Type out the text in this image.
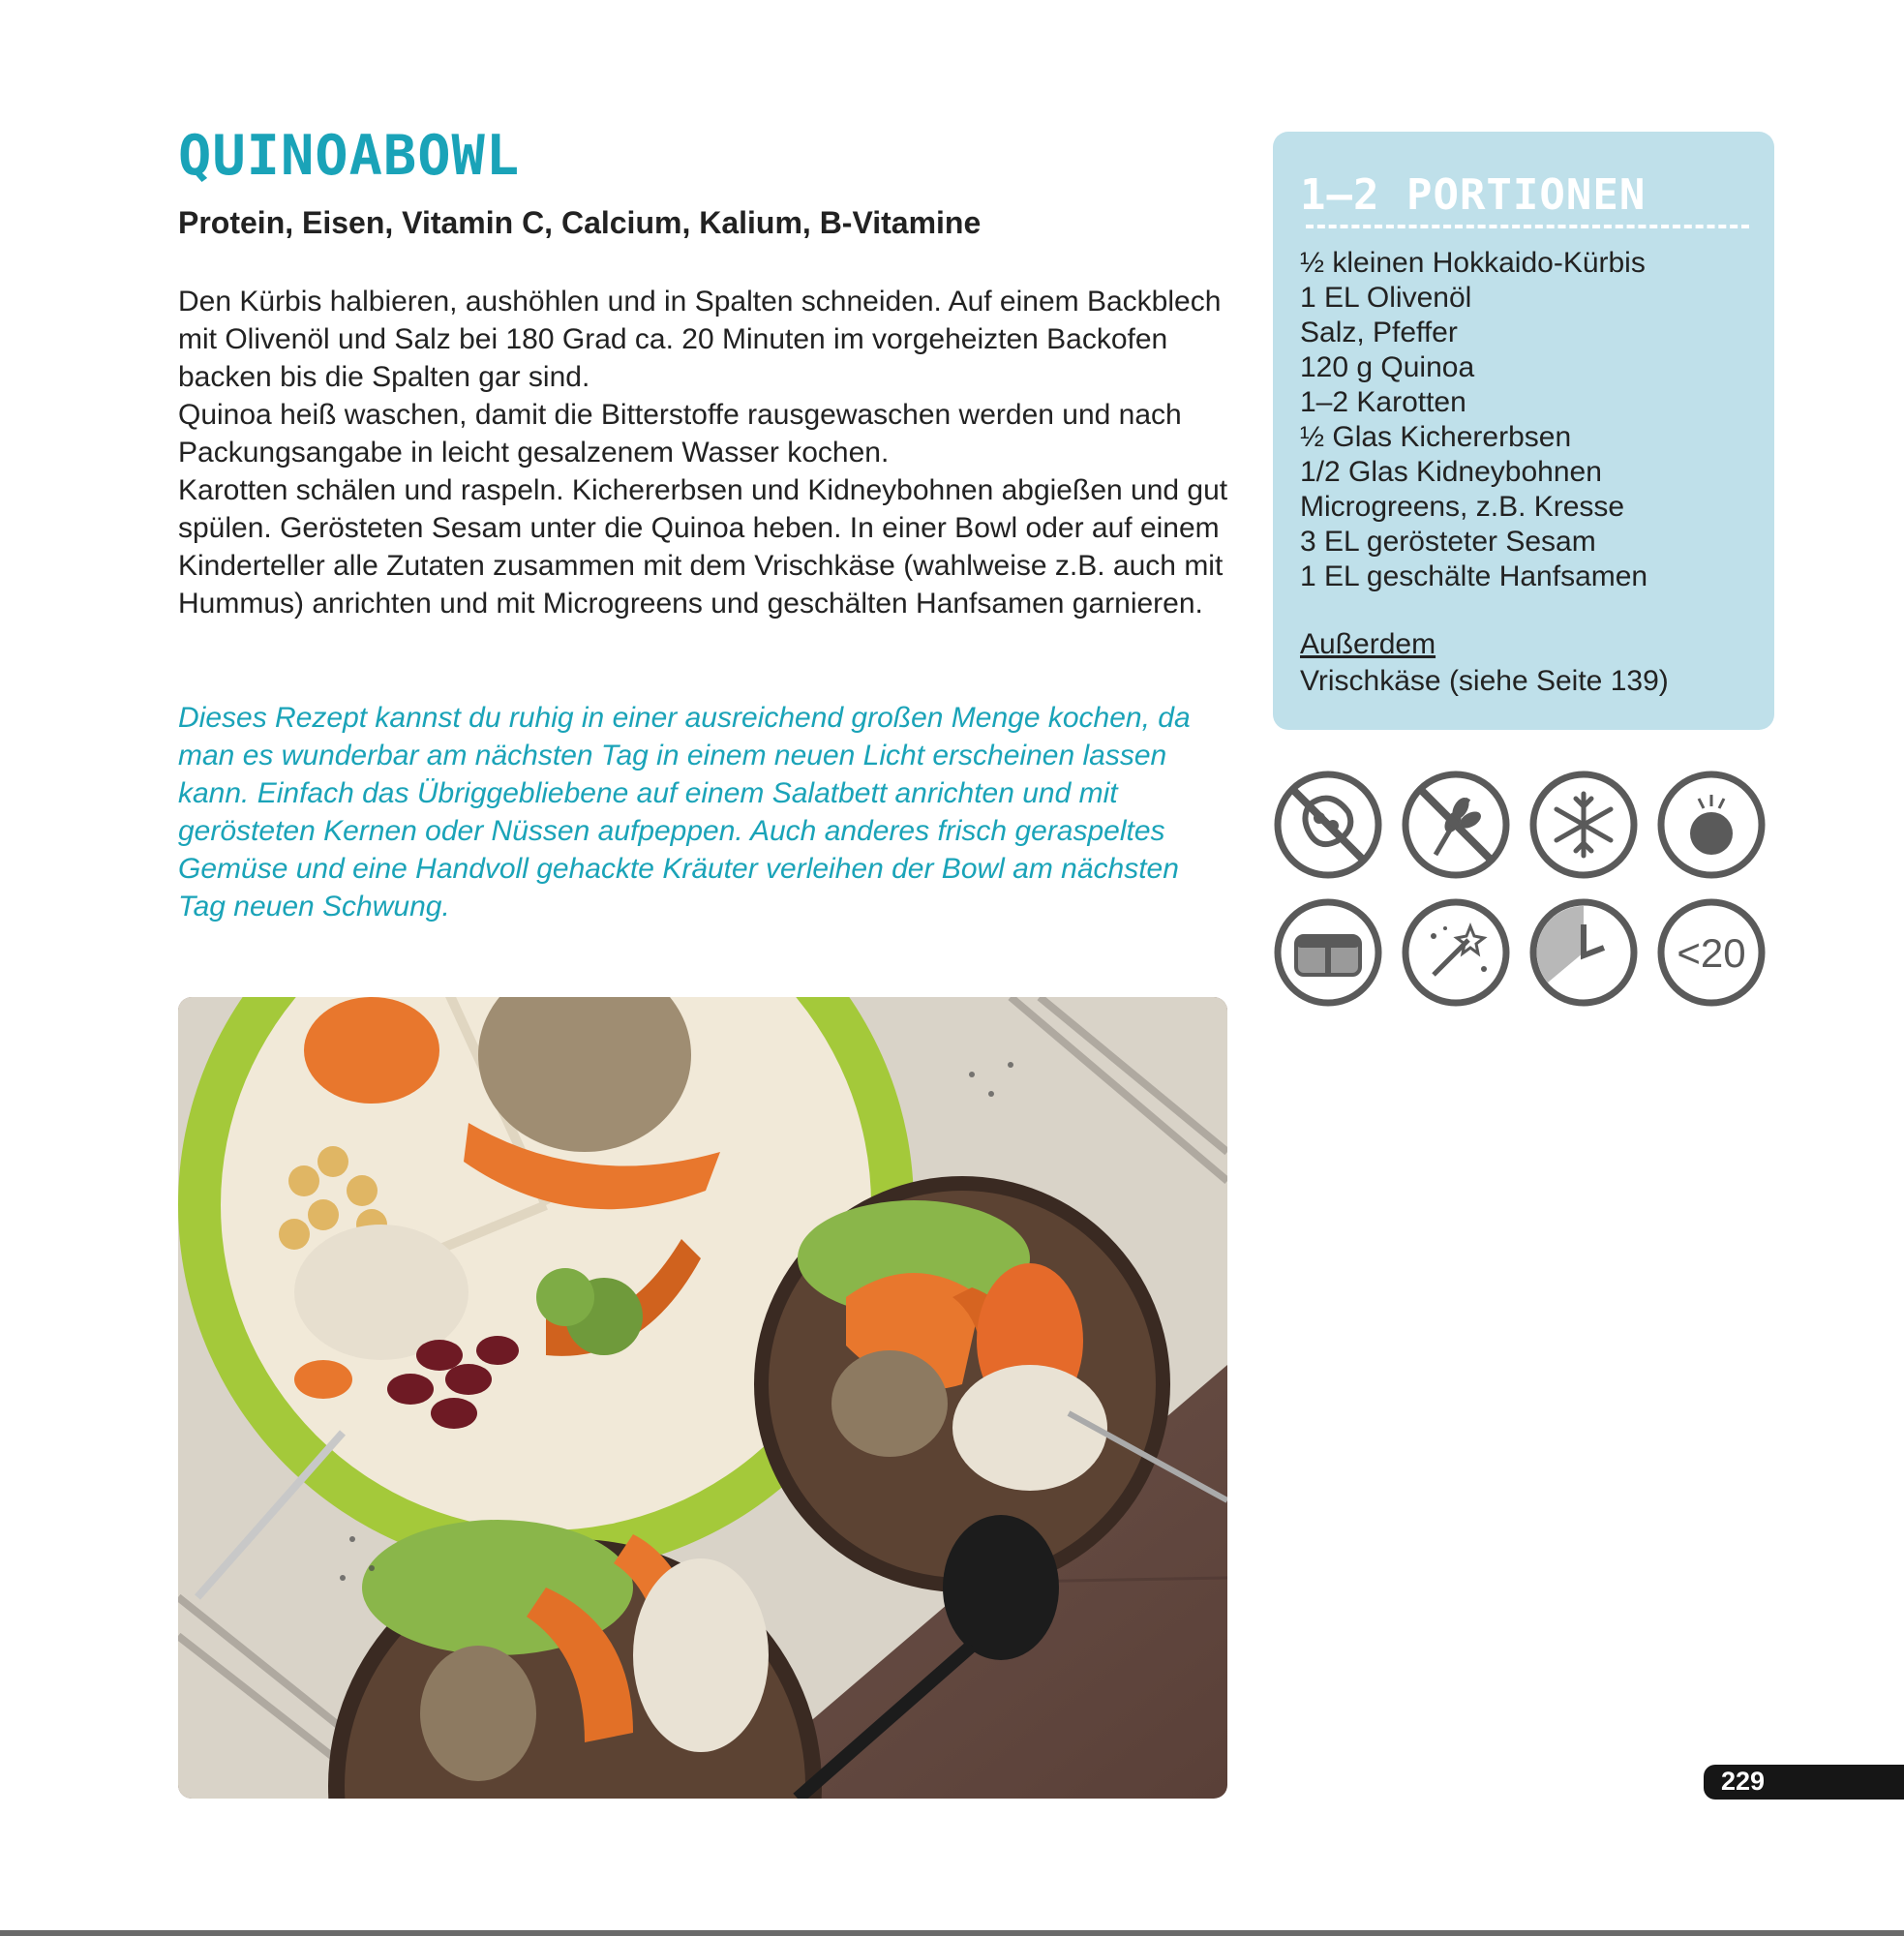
QUINOABOWL
Protein, Eisen, Vitamin C, Calcium, Kalium, B-Vitamine

Den Kürbis halbieren, aushöhlen und in Spalten schneiden. Auf einem Backblech mit Olivenöl und Salz bei 180 Grad ca. 20 Minuten im vorgeheizten Backofen backen bis die Spalten gar sind.

Quinoa heiß waschen, damit die Bitterstoffe rausgewaschen werden und nach Packungsangabe in leicht gesalzenem Wasser kochen.

Karotten schälen und raspeln. Kichererbsen und Kidneybohnen abgießen und gut spülen. Gerösteten Sesam unter die Quinoa heben. In einer Bowl oder auf einem Kinderteller alle Zutaten zusammen mit dem Vrischkäse (wahlweise z.B. auch mit Hummus) anrichten und mit Microgreens und geschälten Hanfsamen garnieren.

Dieses Rezept kannst du ruhig in einer ausreichend großen Menge kochen, da man es wunderbar am nächsten Tag in einem neuen Licht erscheinen lassen kann. Einfach das Übriggebliebene auf einem Salatbett anrichten und mit gerösteten Kernen oder Nüssen aufpeppen. Auch anderes frisch geraspeltes Gemüse und eine Handvoll gehackte Kräuter verleihen der Bowl am nächsten Tag neuen Schwung.

1–2 PORTIONEN
½ kleinen Hokkaido-Kürbis
1 EL Olivenöl
Salz, Pfeffer
120 g Quinoa
1–2 Karotten
½ Glas Kichererbsen
1/2 Glas Kidneybohnen
Microgreens, z.B. Kresse
3 EL gerösteter Sesam
1 EL geschälte Hanfsamen
Außerdem
Vrischkäse (siehe Seite 139)
<20
229
